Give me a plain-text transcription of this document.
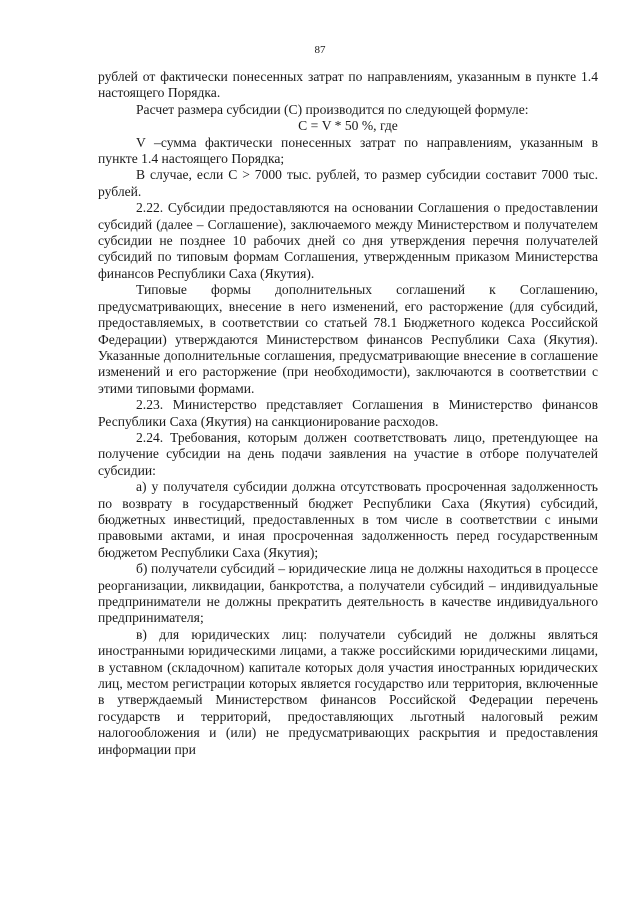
87

рублей от фактически понесенных затрат по направлениям, указанным в пункте 1.4 настоящего Порядка.

Расчет размера субсидии (С) производится по следующей формуле:

С = V * 50 %, где

V –сумма фактически понесенных затрат по направлениям, указанным в пункте 1.4 настоящего Порядка;

В случае, если С > 7000 тыс. рублей, то размер субсидии составит 7000 тыс. рублей.

2.22. Субсидии предоставляются на основании Соглашения о предоставлении субсидий (далее – Соглашение), заключаемого между Министерством и получателем субсидии не позднее 10 рабочих дней со дня утверждения перечня получателей субсидий по типовым формам Соглашения, утвержденным приказом Министерства финансов Республики Саха (Якутия).

Типовые формы дополнительных соглашений к Соглашению, предусматривающих, внесение в него изменений, его расторжение (для субсидий, предоставляемых, в соответствии со статьей 78.1 Бюджетного кодекса Российской Федерации) утверждаются Министерством финансов Республики Саха (Якутия). Указанные дополнительные соглашения, предусматривающие внесение в соглашение изменений и его расторжение (при необходимости), заключаются в соответствии с этими типовыми формами.

2.23. Министерство представляет Соглашения в Министерство финансов Республики Саха (Якутия) на санкционирование расходов.

2.24. Требования, которым должен соответствовать лицо, претендующее на получение субсидии на день подачи заявления на участие в отборе получателей субсидии:

а) у получателя субсидии должна отсутствовать просроченная задолженность по возврату в государственный бюджет Республики Саха (Якутия) субсидий, бюджетных инвестиций, предоставленных в том числе в соответствии с иными правовыми актами, и иная просроченная задолженность перед государственным бюджетом Республики Саха (Якутия);

б) получатели субсидий – юридические лица не должны находиться в процессе реорганизации, ликвидации, банкротства, а получатели субсидий – индивидуальные предприниматели не должны прекратить деятельность в качестве индивидуального предпринимателя;

в) для юридических лиц: получатели субсидий не должны являться иностранными юридическими лицами, а также российскими юридическими лицами, в уставном (складочном) капитале которых доля участия иностранных юридических лиц, местом регистрации которых является государство или территория, включенные в утверждаемый Министерством финансов Российской Федерации перечень государств и территорий, предоставляющих льготный налоговый режим налогообложения и (или) не предусматривающих раскрытия и предоставления информации при
